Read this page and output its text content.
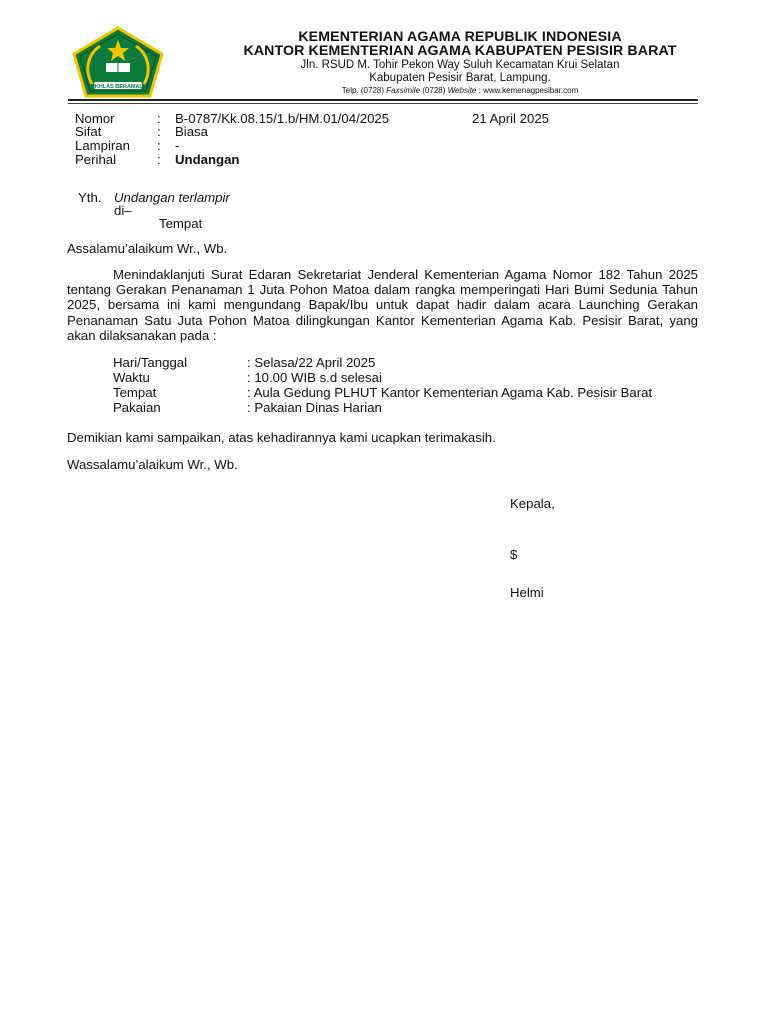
IKHLAS BERAMAL
KEMENTERIAN AGAMA REPUBLIK INDONESIA
KANTOR KEMENTERIAN AGAMA KABUPATEN PESISIR BARAT
Jln. RSUD M. Tohir Pekon Way Suluh Kecamatan Krui Selatan
Kabupaten Pesisir Barat, Lampung.
Telp. (0728) Faxsimile (0728) Website : www.kemenagpesibar.com
Nomor	: B-0787/Kk.08.15/1.b/HM.01/04/2025	21 April 2025
Sifat	: Biasa
Lampiran : -
Perihal	: Undangan
Yth. Undangan terlampir
di–
Tempat
Assalamu’alaikum Wr., Wb.
Menindaklanjuti Surat Edaran Sekretariat Jenderal Kementerian Agama Nomor 182 Tahun 2025 tentang Gerakan Penanaman 1 Juta Pohon Matoa dalam rangka memperingati Hari Bumi Sedunia Tahun 2025, bersama ini kami mengundang Bapak/Ibu untuk dapat hadir dalam acara Launching Gerakan Penanaman Satu Juta Pohon Matoa dilingkungan Kantor Kementerian Agama Kab. Pesisir Barat, yang akan dilaksanakan pada :
Hari/Tanggal	: Selasa/22 April 2025
Waktu	: 10.00 WIB s.d selesai
Tempat	: Aula Gedung PLHUT Kantor Kementerian Agama Kab. Pesisir Barat
Pakaian	: Pakaian Dinas Harian
Demikian kami sampaikan, atas kehadirannya kami ucapkan terimakasih.
Wassalamu’alaikum Wr., Wb.
Kepala,
$
Helmi
